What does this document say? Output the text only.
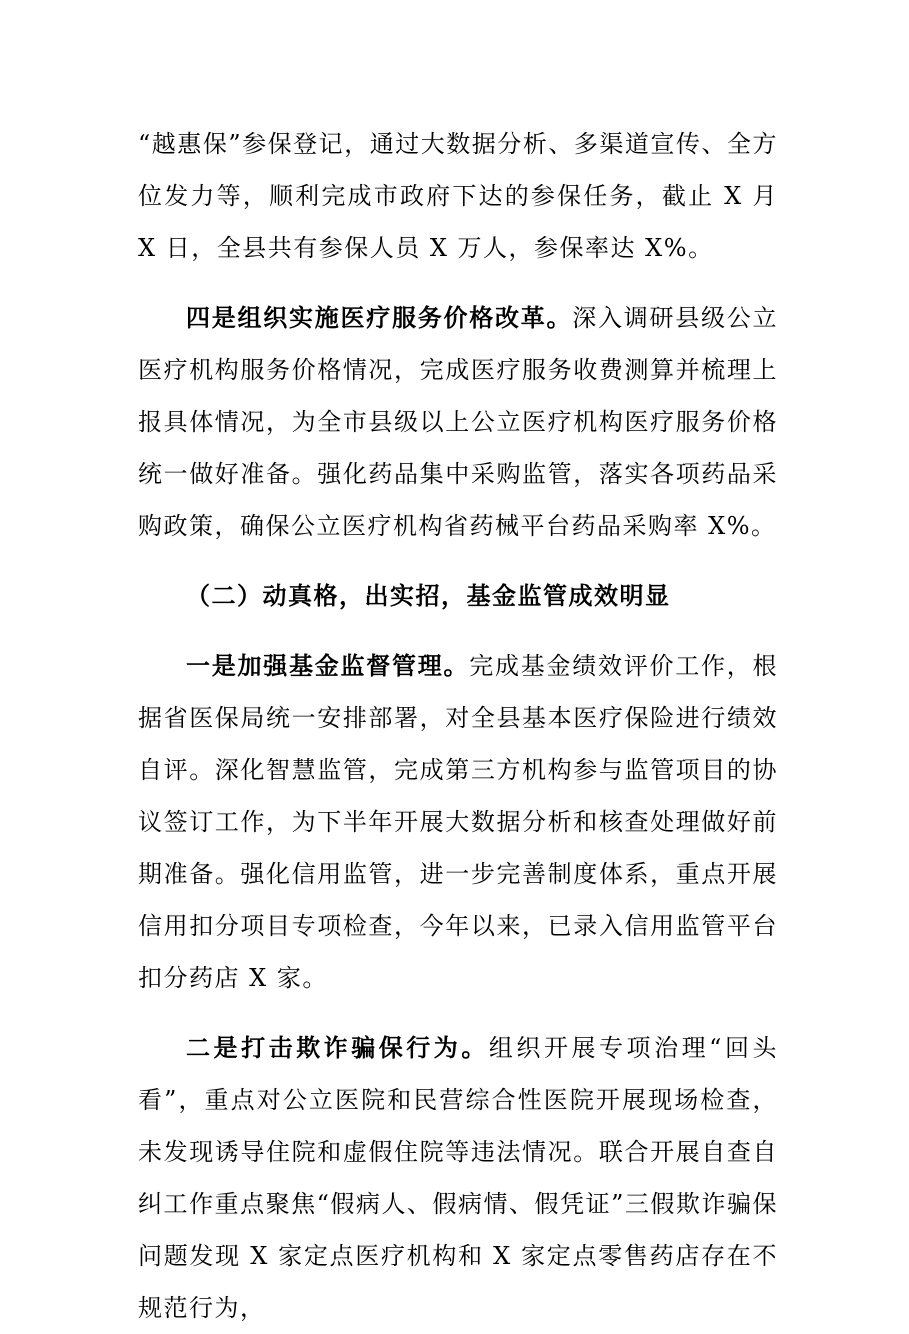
“越惠保”参保登记，通过大数据分析、多渠道宣传、全方位发力等，顺利完成市政府下达的参保任务，截止 X 月 X 日，全县共有参保人员 X 万人，参保率达 X%。

四是组织实施医疗服务价格改革。深入调研县级公立医疗机构服务价格情况，完成医疗服务收费测算并梳理上报具体情况，为全市县级以上公立医疗机构医疗服务价格统一做好准备。强化药品集中采购监管，落实各项药品采购政策，确保公立医疗机构省药械平台药品采购率 X%。

（二）动真格，出实招，基金监管成效明显

一是加强基金监督管理。完成基金绩效评价工作，根据省医保局统一安排部署，对全县基本医疗保险进行绩效自评。深化智慧监管，完成第三方机构参与监管项目的协议签订工作，为下半年开展大数据分析和核查处理做好前期准备。强化信用监管，进一步完善制度体系，重点开展信用扣分项目专项检查，今年以来，已录入信用监管平台扣分药店 X 家。

二是打击欺诈骗保行为。组织开展专项治理“回头看”，重点对公立医院和民营综合性医院开展现场检查，未发现诱导住院和虚假住院等违法情况。联合开展自查自纠工作重点聚焦“假病人、假病情、假凭证”三假欺诈骗保问题发现 X 家定点医疗机构和 X 家定点零售药店存在不规范行为，
